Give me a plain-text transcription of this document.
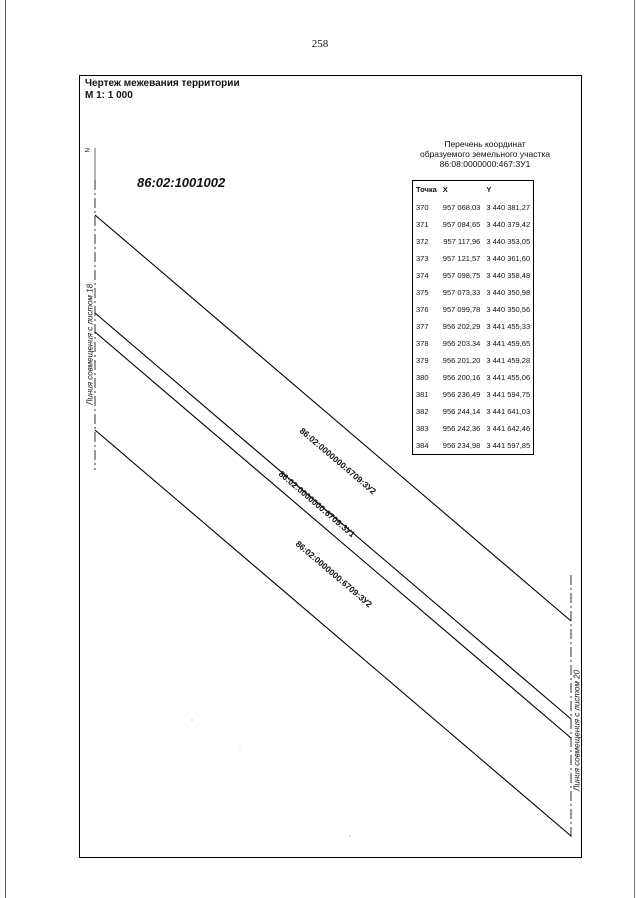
258
Чертеж межевания территории
М 1: 1 000
N
86:02:1001002
Перечень координат
образуемого земельного участка
86:08:0000000:467:ЗУ1
Точка	X	Y
370	957 068,03	3 440 381,27
371	957 084,65	3 440 379,42
372	957 117,96	3 440 353,05
373	957 121,57	3 440 361,60
374	957 098,75	3 440 358,48
375	957 073,33	3 440 350,98
376	957 099,78	3 440 350,56
377	956 202,29	3 441 455,33
378	956 203,34	3 441 459,65
379	956 201,20	3 441 459,28
380	956 200,16	3 441 455,06
381	956 236,49	3 441 594,75
382	956 244,14	3 441 641,03
383	956 242,36	3 441 642,46
384	956 234,98	3 441 597,85
86:02:0000000:6709:ЗУ2
86:02:0000000:6709:ЗУ1
86:02:0000000:6709:ЗУ2
Линия совмещения с листом 18
Линия совмещения с листом 20
